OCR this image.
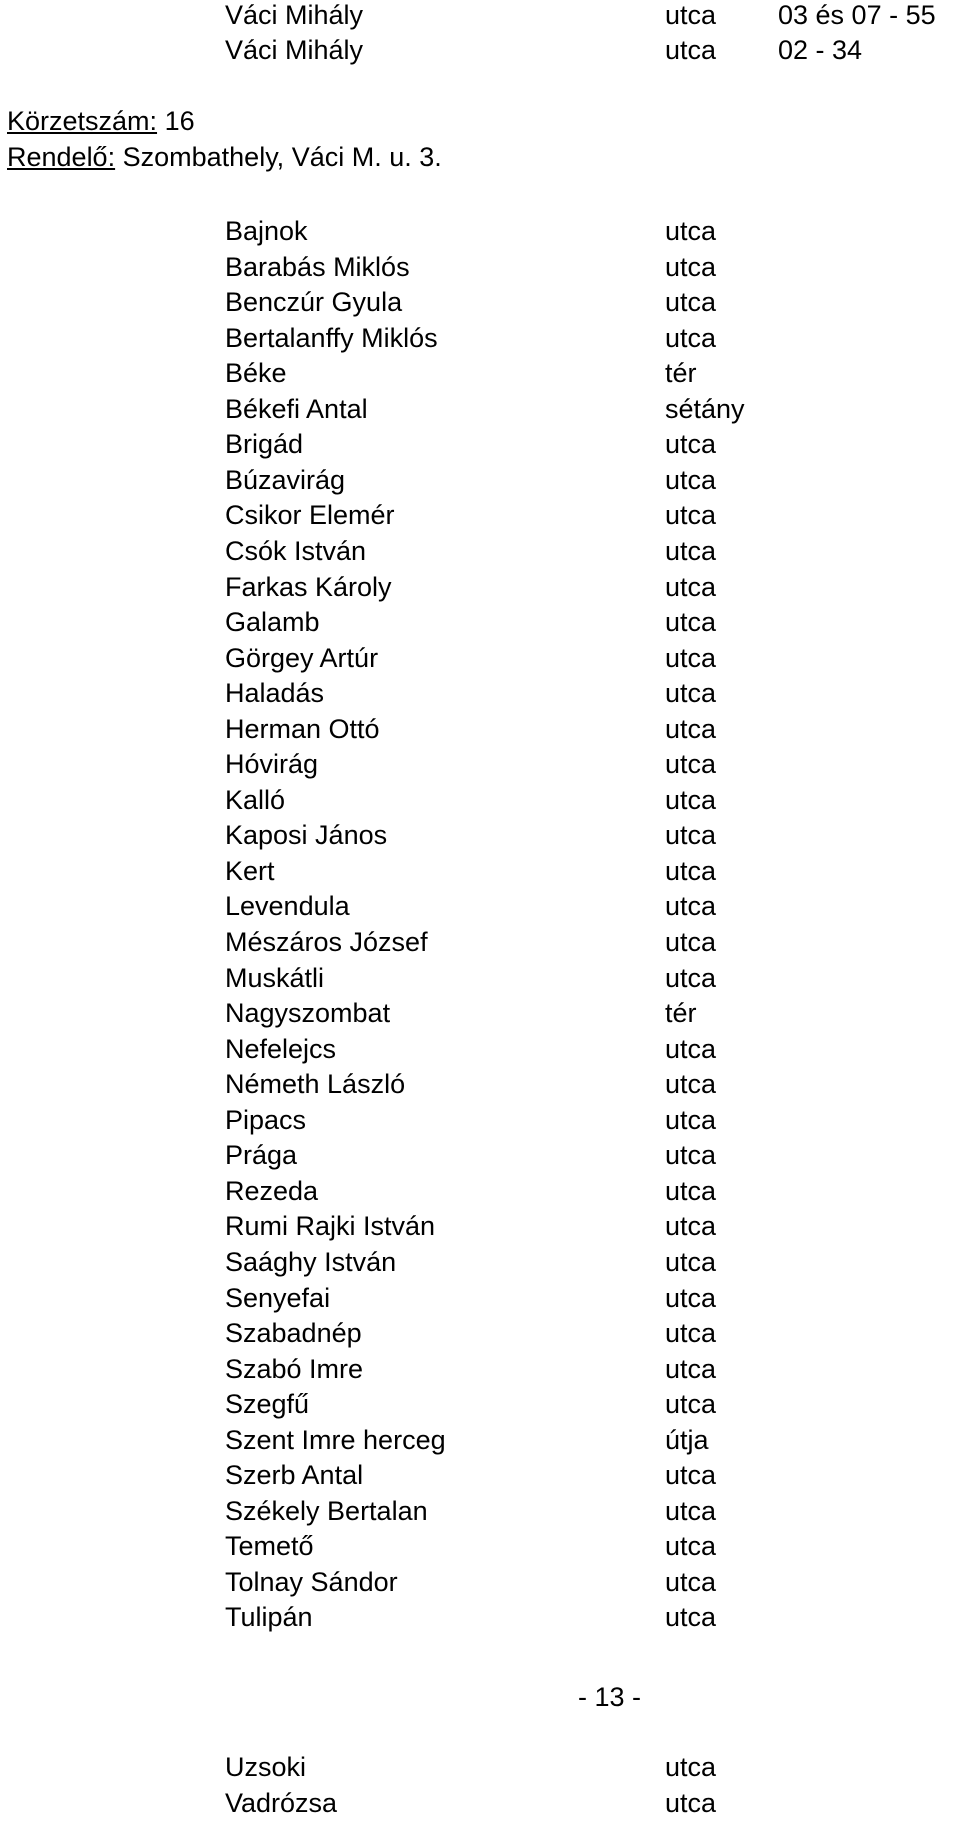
Váci Mihály	utca 03 és 07 - 55
Váci Mihály	utca 02 - 34
Körzetszám: 16
Rendelő: Szombathely, Váci M. u. 3.
Bajnok	utca
Barabás Miklós	utca
Benczúr Gyula	utca
Bertalanffy Miklós	utca
Béke	tér
Békefi Antal	sétány
Brigád	utca
Búzavirág	utca
Csikor Elemér	utca
Csók István	utca
Farkas Károly	utca
Galamb	utca
Görgey Artúr	utca
Haladás	utca
Herman Ottó	utca
Hóvirág	utca
Kalló	utca
Kaposi János	utca
Kert	utca
Levendula	utca
Mészáros József	utca
Muskátli	utca
Nagyszombat	tér
Nefelejcs	utca
Németh László	utca
Pipacs	utca
Prága	utca
Rezeda	utca
Rumi Rajki István	utca
Saághy István	utca
Senyefai	utca
Szabadnép	utca
Szabó Imre	utca
Szegfű	utca
Szent Imre herceg	útja
Szerb Antal	utca
Székely Bertalan	utca
Temető	utca
Tolnay Sándor	utca
Tulipán	utca
- 13 -
Uzsoki	utca
Vadrózsa	utca
